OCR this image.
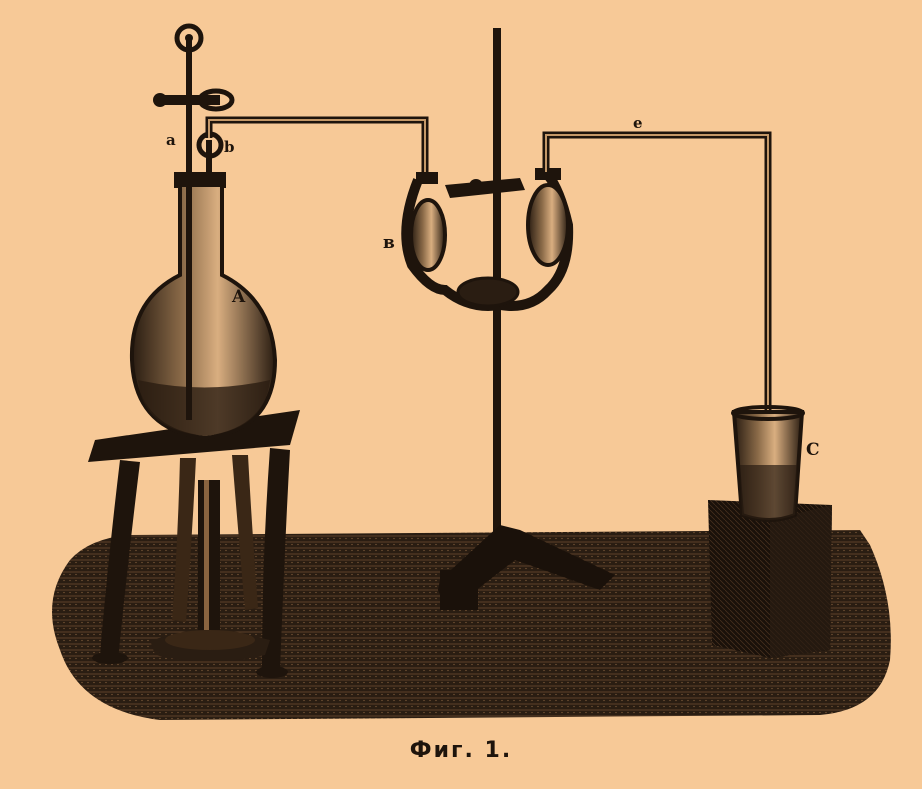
a	b
A
в
e
C
Фиг. 1.
